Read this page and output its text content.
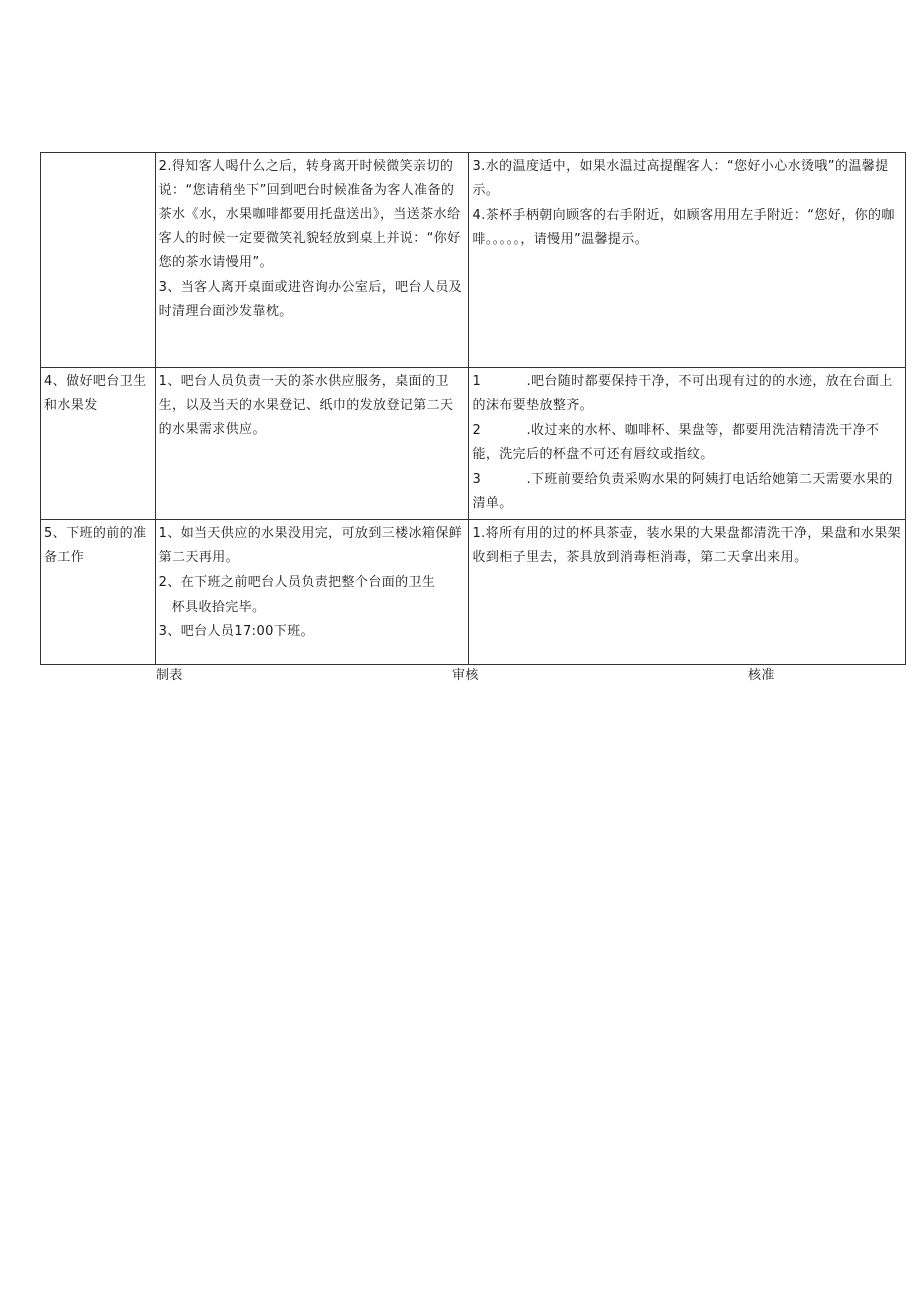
	2.得知客人喝什么之后，转身离开时候微笑亲切的说：“您请稍坐下”回到吧台时候准备为客人准备的茶水《水，水果咖啡都要用托盘送出》，当送茶水给客人的时候一定要微笑礼貌轻放到桌上并说：“你好您的茶水请慢用”。
3、当客人离开桌面或进咨询办公室后，吧台人员及时清理台面沙发靠枕。	3.水的温度适中，如果水温过高提醒客人：“您好小心水烫哦”的温馨提示。
4.茶杯手柄朝向顾客的右手附近，如顾客用用左手附近：“您好，你的咖啡。。。。。，请慢用”温馨提示。

4、做好吧台卫生和水果发	1、吧台人员负责一天的茶水供应服务，桌面的卫生，以及当天的水果登记、纸巾的发放登记第二天的水果需求供应。	1 .吧台随时都要保持干净，不可出现有过的的水迹，放在台面上的沫布要垫放整齐。
2 .收过来的水杯、咖啡杯、果盘等，都要用洗洁精清洗干净不能，洗完后的杯盘不可还有唇纹或指纹。
3 .下班前要给负责采购水果的阿姨打电话给她第二天需要水果的清单。

5、下班的前的准备工作	1、如当天供应的水果没用完，可放到三楼冰箱保鲜第二天再用。
2、在下班之前吧台人员负责把整个台面的卫生
杯具收拾完毕。
3、吧台人员17:00下班。	1.将所有用的过的杯具茶壶，装水果的大果盘都清洗干净，果盘和水果架收到柜子里去，茶具放到消毒柜消毒，第二天拿出来用。
制表	审核	核准
